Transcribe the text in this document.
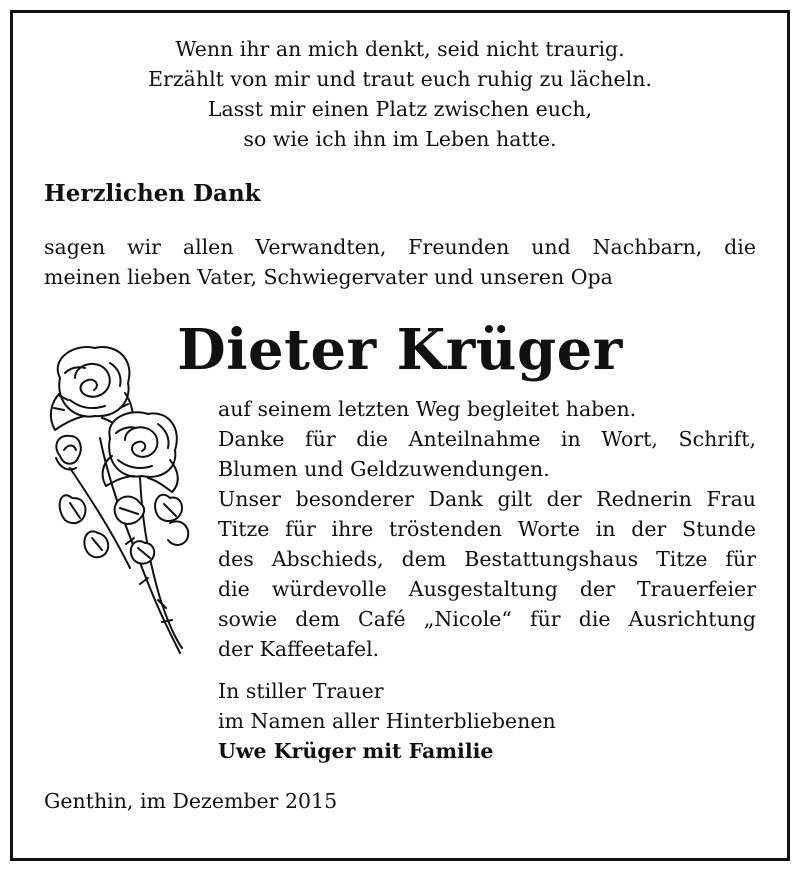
Wenn ihr an mich denkt, seid nicht traurig.
Erzählt von mir und traut euch ruhig zu lächeln.
Lasst mir einen Platz zwischen euch,
so wie ich ihn im Leben hatte.
Herzlichen Dank
sagen wir allen Verwandten, Freunden und Nachbarn, die
meinen lieben Vater, Schwiegervater und unseren Opa
Dieter Krüger
auf seinem letzten Weg begleitet haben.
Danke für die Anteilnahme in Wort, Schrift,
Blumen und Geldzuwendungen.
Unser besonderer Dank gilt der Rednerin Frau
Titze für ihre tröstenden Worte in der Stunde
des Abschieds, dem Bestattungshaus Titze für
die würdevolle Ausgestaltung der Trauerfeier
sowie dem Café „Nicole“ für die Ausrichtung
der Kaffeetafel.
In stiller Trauer
im Namen aller Hinterbliebenen
Uwe Krüger mit Familie
Genthin, im Dezember 2015
